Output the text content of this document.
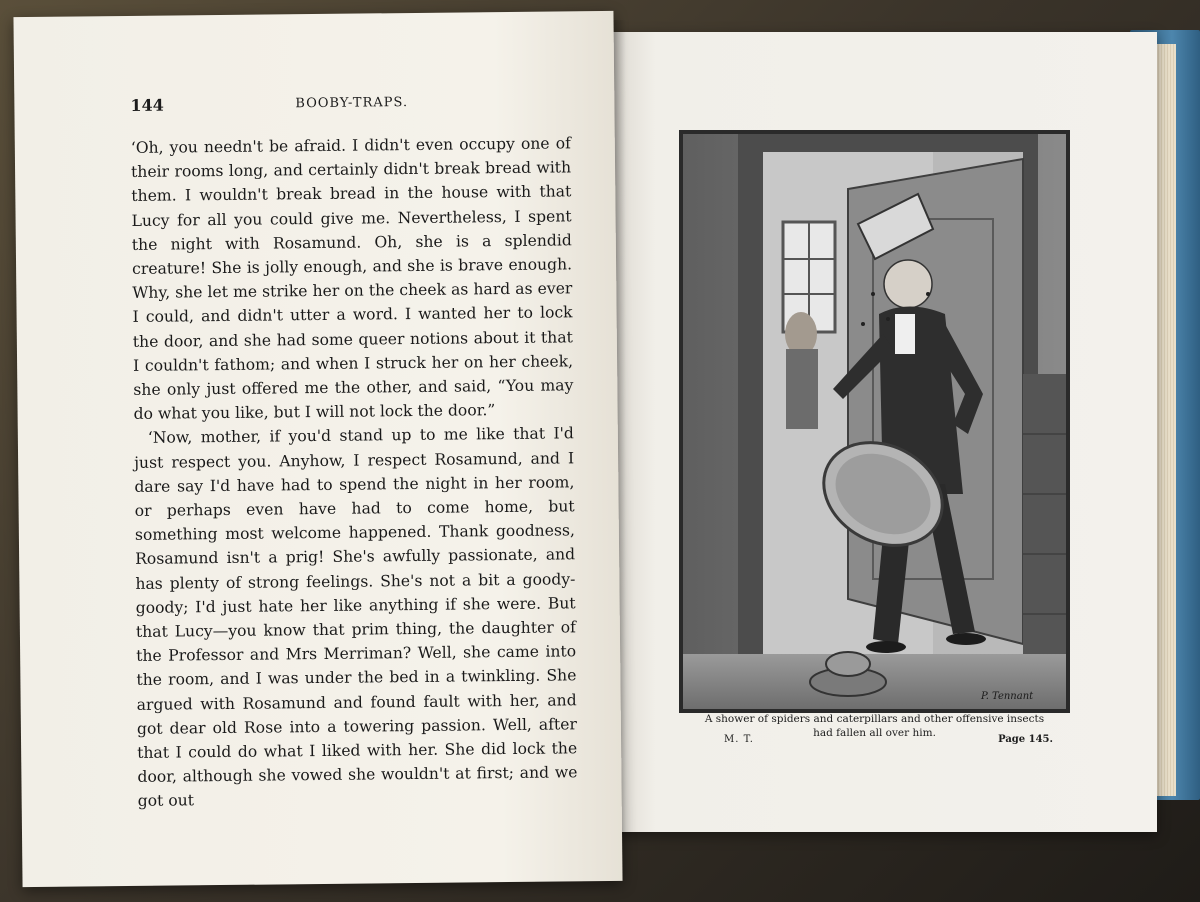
P. Tennant
A shower of spiders and caterpillars and other offensive insects
had fallen all over him.
M. T.	Page 145.
144	BOOBY-TRAPS.

‘Oh, you needn't be afraid. I didn't even occupy one of their rooms long, and certainly didn't break bread with them. I wouldn't break bread in the house with that Lucy for all you could give me. Nevertheless, I spent the night with Rosamund. Oh, she is a splendid creature! She is jolly enough, and she is brave enough. Why, she let me strike her on the cheek as hard as ever I could, and didn't utter a word. I wanted her to lock the door, and she had some queer notions about it that I couldn't fathom; and when I struck her on her cheek, she only just offered me the other, and said, “You may do what you like, but I will not lock the door.”

‘Now, mother, if you'd stand up to me like that I'd just respect you. Anyhow, I respect Rosamund, and I dare say I'd have had to spend the night in her room, or perhaps even have had to come home, but something most welcome happened. Thank goodness, Rosamund isn't a prig! She's awfully passionate, and has plenty of strong feelings. She's not a bit a goody-goody; I'd just hate her like anything if she were. But that Lucy—you know that prim thing, the daughter of the Professor and Mrs Merriman? Well, she came into the room, and I was under the bed in a twinkling. She argued with Rosamund and found fault with her, and got dear old Rose into a towering passion. Well, after that I could do what I liked with her. She did lock the door, although she vowed she wouldn't at first; and we got out
